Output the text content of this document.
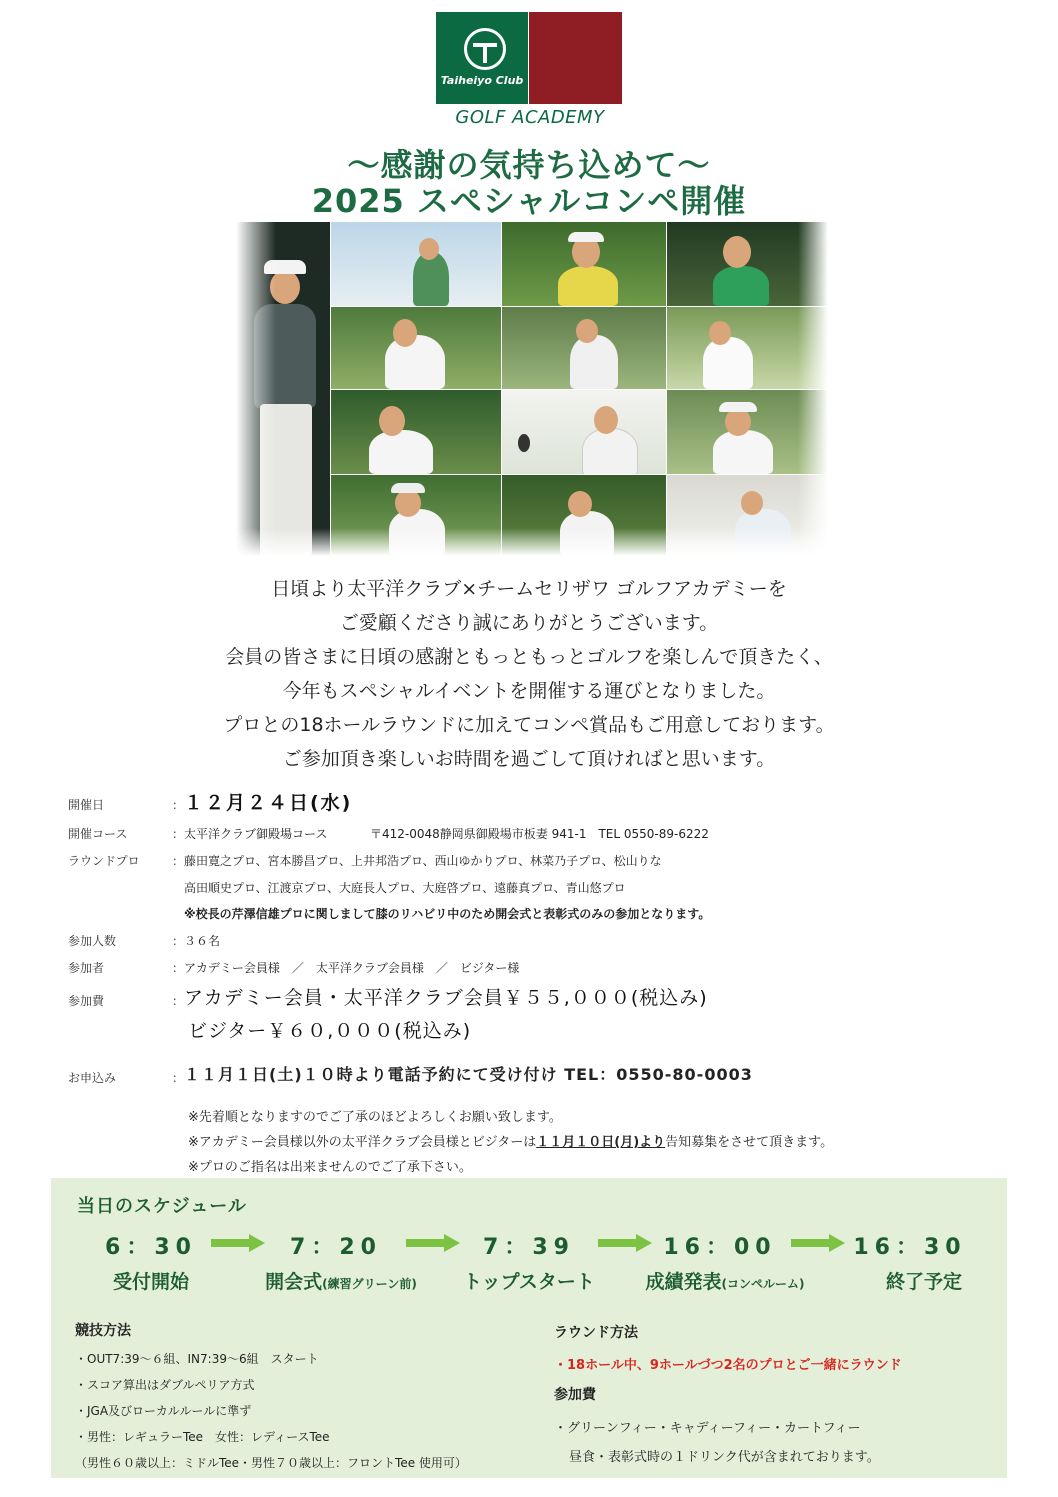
Taiheiyo Club
TEAM
SERIZAWA
GOLF ACADEMY
～感謝の気持ち込めて～
2025 スペシャルコンペ開催
日頃より太平洋クラブ×チームセリザワ ゴルフアカデミーを
ご愛顧くださり誠にありがとうございます。
会員の皆さまに日頃の感謝ともっともっとゴルフを楽しんで頂きたく、
今年もスペシャルイベントを開催する運びとなりました。
プロとの18ホールラウンドに加えてコンペ賞品もご用意しております。
ご参加頂き楽しいお時間を過ごして頂ければと思います。
開催日	： １２月２４日(水)
開催コース	： 太平洋クラブ御殿場コース	〒412-0048静岡県御殿場市板妻 941-1　TEL 0550-89-6222
ラウンドプロ	： 藤田寛之プロ、宮本勝昌プロ、上井邦浩プロ、西山ゆかりプロ、林菜乃子プロ、松山りな
高田順史プロ、江渡京プロ、大庭長人プロ、大庭啓プロ、遠藤真プロ、青山悠プロ
※校長の芹澤信雄プロに関しまして膝のリハビリ中のため開会式と表彰式のみの参加となります。
参加人数	： ３６名
参加者	： アカデミー会員様　／　太平洋クラブ会員様　／　ビジター様
参加費	： アカデミー会員・太平洋クラブ会員￥５５,０００(税込み)
ビジター￥６０,０００(税込み)
お申込み	： １１月１日(土)１０時より電話予約にて受け付け TEL：0550-80-0003
※先着順となりますのでご了承のほどよろしくお願い致します。
※アカデミー会員様以外の太平洋クラブ会員様とビジターは１１月１０日(月)より告知募集をさせて頂きます。
※プロのご指名は出来ませんのでご了承下さい。
当日のスケジュール
6：30	7：20	7：39	16：00	16：30
受付開始	開会式(練習グリーン前)	トップスタート	成績発表(コンペルーム)	終了予定
競技方法
・OUT7:39～６組、IN7:39～6組　スタート
・スコア算出はダブルペリア方式
・JGA及びローカルルールに準ず
・男性：レギュラーTee　女性：レディースTee
（男性６０歳以上：ミドルTee・男性７０歳以上：フロントTee 使用可）
ラウンド方法
・18ホール中、9ホールづつ2名のプロとご一緒にラウンド
参加費
・グリーンフィー・キャディーフィー・カートフィー
昼食・表彰式時の１ドリンク代が含まれております。
